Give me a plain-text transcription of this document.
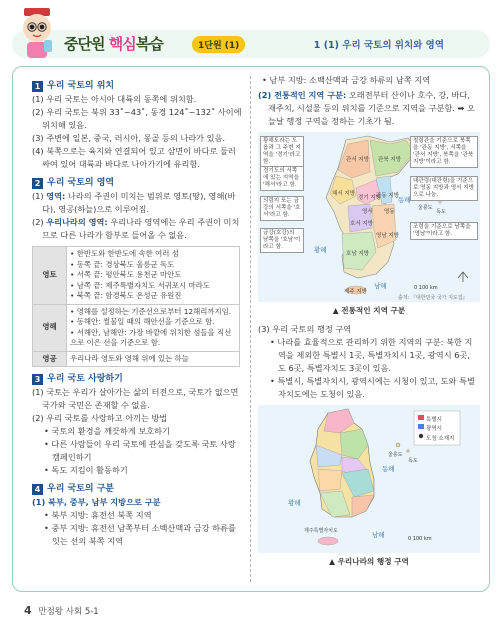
중단원 핵심복습	1단원 (1)	1 (1) 우리 국토의 위치와 영역
1 우리 국토의 위치
(1) 우리 국토는 아시아 대륙의 동쪽에 위치함.
(2) 우리 국토는 북위 33˚~43˚, 동경 124˚~132˚ 사이에 위치해 있음.
(3) 주변에 일본, 중국, 러시아, 몽골 등의 나라가 있음.
(4) 북쪽으로는 육지와 연결되어 있고 삼면이 바다로 둘러싸여 있어 대륙과 바다로 나아가기에 유리함.
2 우리 국토의 영역
(1) 영역: 나라의 주권이 미치는 범위로 영토(땅), 영해(바다), 영공(하늘)으로 이루어짐.
(2) 우리나라의 영역: 우리나라 영역에는 우리 주권이 미치므로 다른 나라가 함부로 들어올 수 없음.
영토	• 한반도와 한반도에 속한 여러 섬
• 동쪽 끝: 경상북도 울릉군 독도
• 서쪽 끝: 평안북도 용천군 마안도
• 남쪽 끝: 제주특별자치도 서귀포시 마라도
• 북쪽 끝: 함경북도 온성군 유원진

영해	• 영해를 설정하는 기준선으로부터 12해리까지임.
• 동해안: 썰물일 때의 해안선을 기준으로 함.
• 서해안, 남해안: 가장 바깥에 위치한 섬들을 직선으로 이은 선을 기준으로 함.

영공	우리나라 영토와 영해 위에 있는 하늘
3 우리 국토 사랑하기
(1) 국토는 우리가 살아가는 삶의 터전으로, 국토가 없으면 국가와 국민은 존재할 수 없음.
(2) 우리 국토를 사랑하고 아끼는 방법
• 국토의 환경을 깨끗하게 보호하기
• 다른 사람들이 우리 국토에 관심을 갖도록 국토 사랑 캠페인하기
• 독도 지킴이 활동하기
4 우리 국토의 구분
(1) 북부, 중부, 남부 지방으로 구분
• 북부 지방: 휴전선 북쪽 지역
• 중부 지방: 휴전선 남쪽부터 소백산맥과 금강 하류를 잇는 선의 북쪽 지역
• 남부 지방: 소백산맥과 금강 하류의 남쪽 지역
(2) 전통적인 지역 구분: 오래전부터 산이나 호수, 강, 바다, 재주치, 시설물 등의 위치를 기준으로 지역을 구분함. ➡ 오늘날 행정 구역을 정하는 기초가 됨.
황해도라는 도읍과 그 주변 지역을 '경기'라고 함.
경기도의 서쪽에 있는 지역을 '해서'라고 함.
의림지 또는 금강의 서쪽을 '호서'라고 함.
금강(호강)의 남쪽을 '호남'이라고 함.
철령관을 기준으로 북쪽을 '관동 지방', 서쪽을 '관서 지방', 북쪽을 '관북 지방'이라고 함.
대관령(대관령)을 기준으로 영동 지방과 영서 지방으로 나눔.
조령을 기준으로 남쪽을 '영남'이라고 함.
관서 지방 관북 지방
해서 지방
경기 지방
관동 지방
영서 영동
호서 지방
호남 지방
영남 지방
제주 지방
동해
황해
남해
울릉도
독도
0 100 km
출처: 『대한민국 국가 지도집』
▲ 전통적인 지역 구분
(3) 우리 국토의 행정 구역
• 나라를 효율적으로 관리하기 위한 지역의 구분: 북한 지역을 제외한 특별시 1곳, 특별자치시 1곳, 광역시 6곳, 도 6곳, 특별자치도 3곳이 있음.
• 특별시, 특별자치시, 광역시에는 시청이 있고, 도와 특별자치도에는 도청이 있음.
특별시
광역시
도청 소재지
동해
황해
남해
울릉도
독도
제주특별자치도
0 100 km
▲ 우리나라의 행정 구역
4 만점왕 사회 5-1
